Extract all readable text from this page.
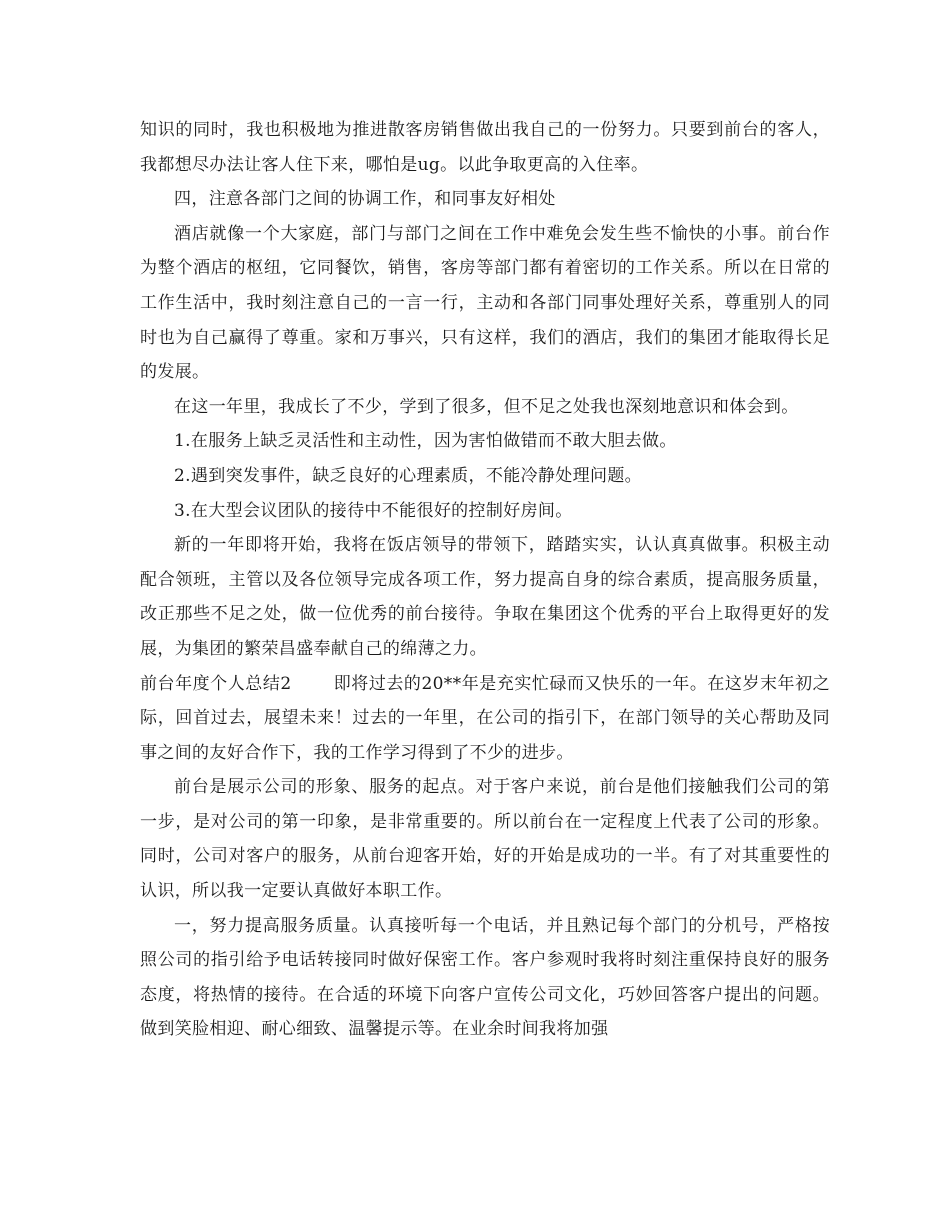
知识的同时，我也积极地为推进散客房销售做出我自己的一份努力。只要到前台的客人，我都想尽办法让客人住下来，哪怕是ug。以此争取更高的入住率。

四，注意各部门之间的协调工作，和同事友好相处

酒店就像一个大家庭，部门与部门之间在工作中难免会发生些不愉快的小事。前台作为整个酒店的枢纽，它同餐饮，销售，客房等部门都有着密切的工作关系。所以在日常的工作生活中，我时刻注意自己的一言一行，主动和各部门同事处理好关系，尊重别人的同时也为自己赢得了尊重。家和万事兴，只有这样，我们的酒店，我们的集团才能取得长足的发展。

在这一年里，我成长了不少，学到了很多，但不足之处我也深刻地意识和体会到。

1.在服务上缺乏灵活性和主动性，因为害怕做错而不敢大胆去做。

2.遇到突发事件，缺乏良好的心理素质，不能冷静处理问题。

3.在大型会议团队的接待中不能很好的控制好房间。

新的一年即将开始，我将在饭店领导的带领下，踏踏实实，认认真真做事。积极主动配合领班，主管以及各位领导完成各项工作，努力提高自身的综合素质，提高服务质量，改正那些不足之处，做一位优秀的前台接待。争取在集团这个优秀的平台上取得更好的发展，为集团的繁荣昌盛奉献自己的绵薄之力。

前台年度个人总结2 即将过去的20**年是充实忙碌而又快乐的一年。在这岁末年初之际，回首过去，展望未来！过去的一年里，在公司的指引下，在部门领导的关心帮助及同事之间的友好合作下，我的工作学习得到了不少的进步。

前台是展示公司的形象、服务的起点。对于客户来说，前台是他们接触我们公司的第一步，是对公司的第一印象，是非常重要的。所以前台在一定程度上代表了公司的形象。同时，公司对客户的服务，从前台迎客开始，好的开始是成功的一半。有了对其重要性的认识，所以我一定要认真做好本职工作。

一，努力提高服务质量。认真接听每一个电话，并且熟记每个部门的分机号，严格按照公司的指引给予电话转接同时做好保密工作。客户参观时我将时刻注重保持良好的服务态度，将热情的接待。在合适的环境下向客户宣传公司文化，巧妙回答客户提出的问题。做到笑脸相迎、耐心细致、温馨提示等。在业余时间我将加强
